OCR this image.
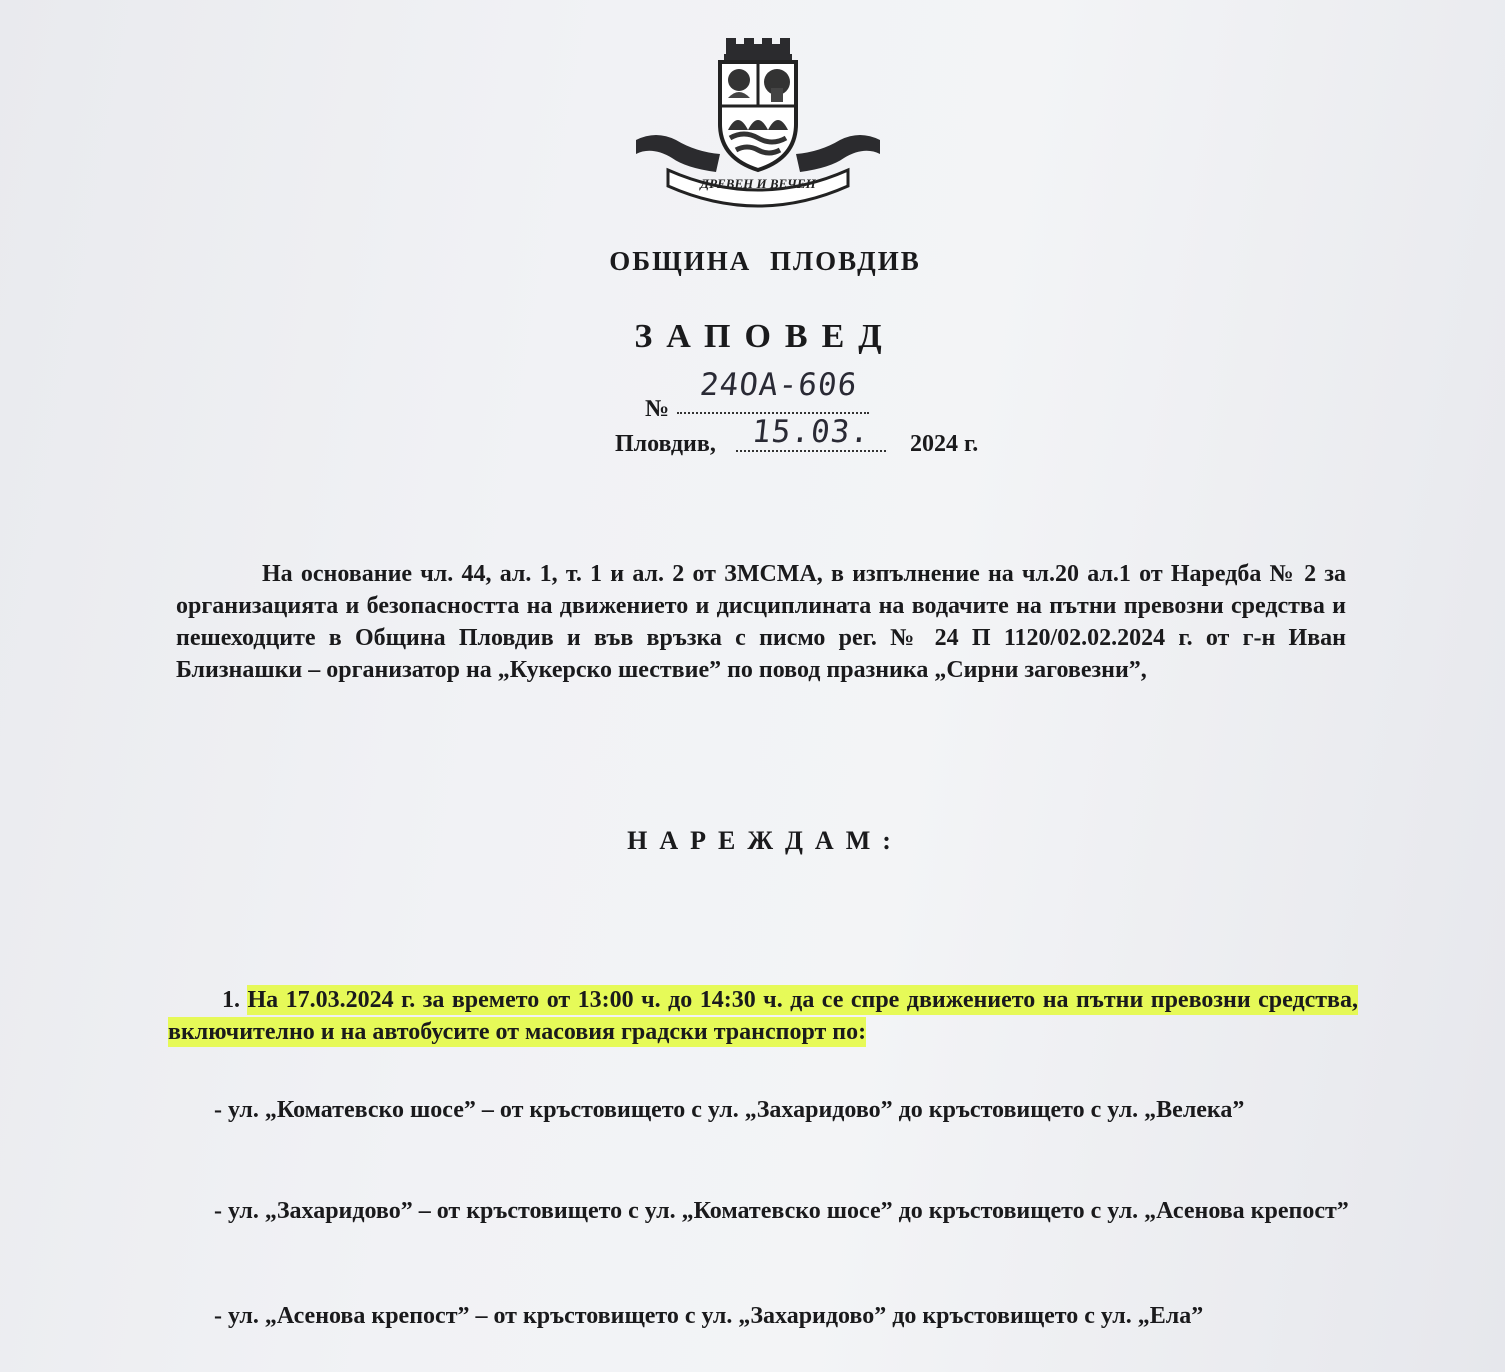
ДРЕВЕН И ВЕЧЕН
ОБЩИНА ПЛОВДИВ
ЗАПОВЕД
№
24ОА-606
Пловдив, 15.03. 2024 г.
На основание чл. 44, ал. 1, т. 1 и ал. 2 от ЗМСМА, в изпълнение на чл.20 ал.1 от Наредба № 2 за организацията и безопасността на движението и дисциплината на водачите на пътни превозни средства и пешеходците в Община Пловдив и във връзка с писмо рег. № 24 П 1120/02.02.2024 г. от г-н Иван Близнашки – организатор на „Кукерско шествие” по повод празника „Сирни заговезни”,
НАРЕЖДАМ:
1. На 17.03.2024 г. за времето от 13:00 ч. до 14:30 ч. да се спре движението на пътни превозни средства, включително и на автобусите от масовия градски транспорт по:
- ул. „Коматевско шосе” – от кръстовището с ул. „Захаридово” до кръстовището с ул. „Велека”
- ул. „Захаридово” – от кръстовището с ул. „Коматевско шосе” до кръстовището с ул. „Асенова крепост”
- ул. „Асенова крепост” – от кръстовището с ул. „Захаридово” до кръстовището с ул. „Ела”
